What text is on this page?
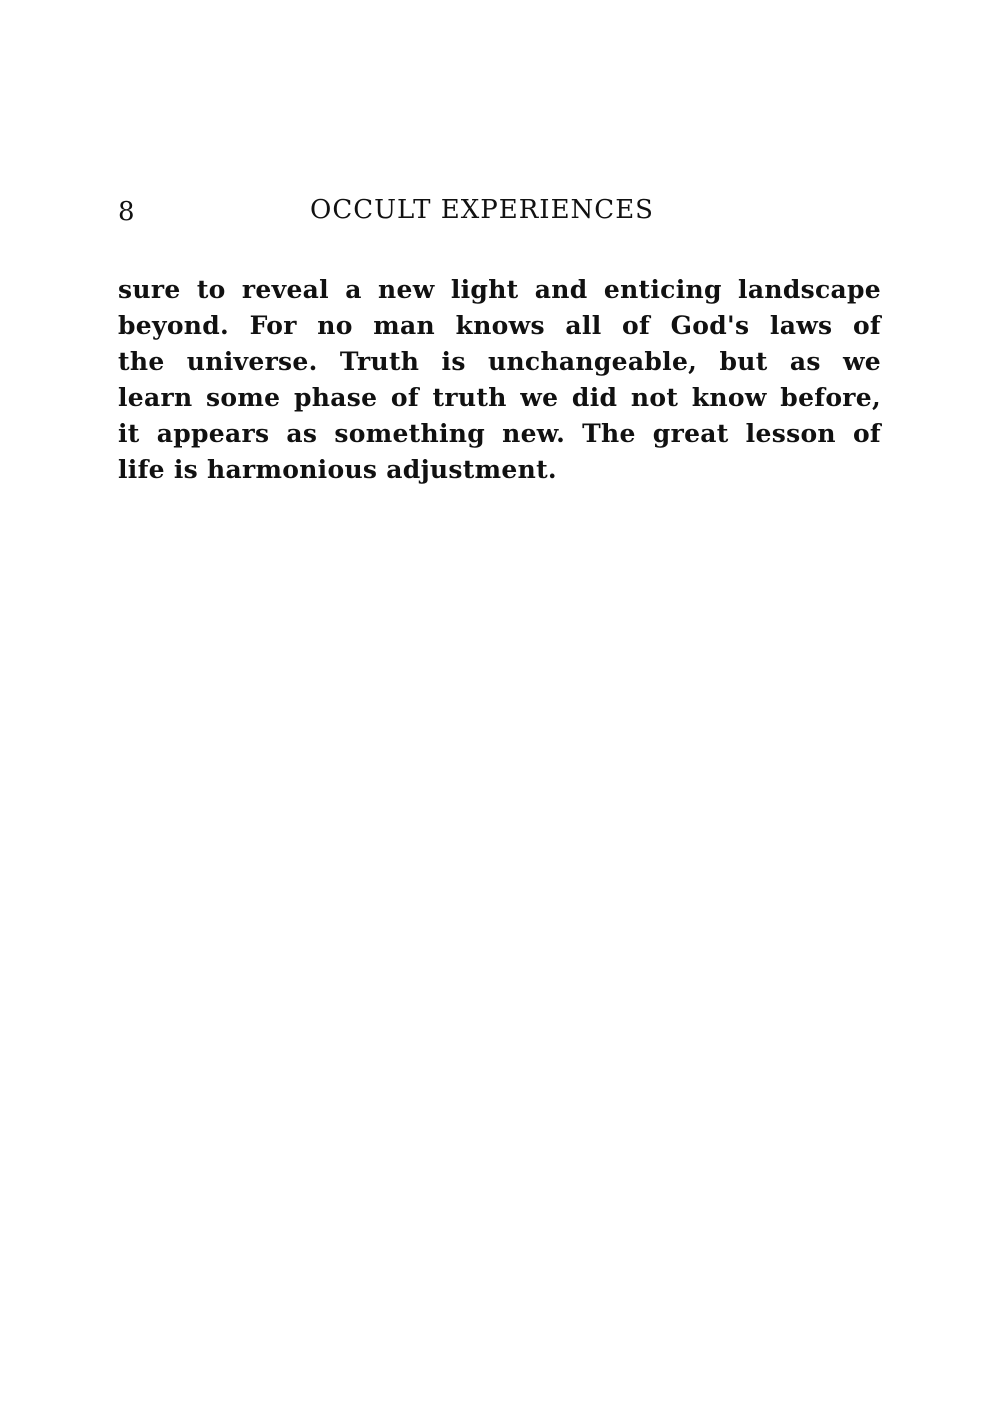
8	OCCULT EXPERIENCES
sure to reveal a new light and enticing landscape
beyond. For no man knows all of God's laws of
the universe. Truth is unchangeable, but as we
learn some phase of truth we did not know before,
it appears as something new. The great lesson of
life is harmonious adjustment.
